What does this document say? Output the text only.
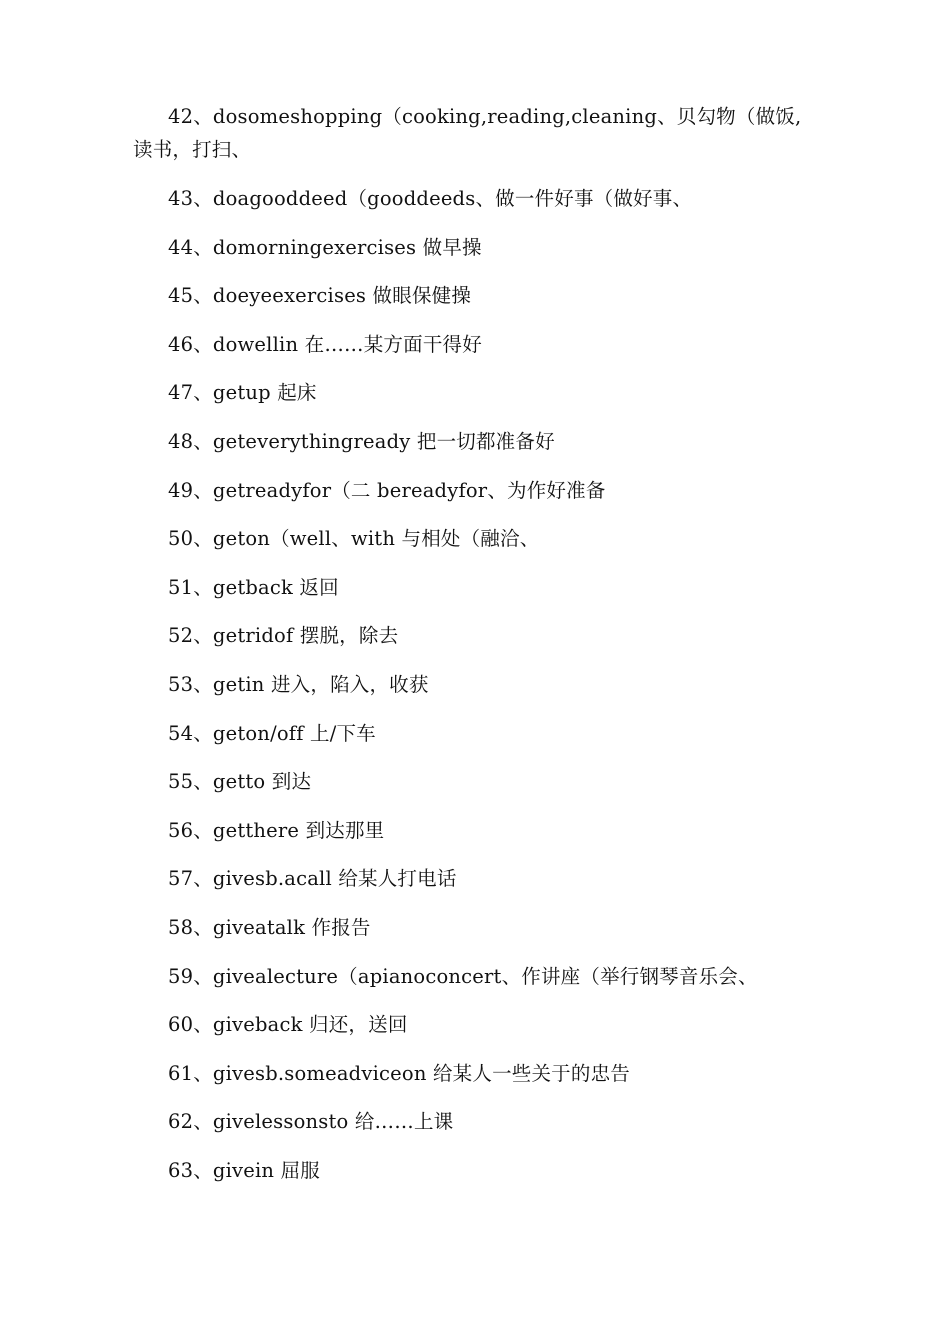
42、dosomeshopping（cooking,reading,cleaning、贝勾物（做饭,读书，打扫、

43、doagooddeed（gooddeeds、做一件好事（做好事、

44、domorningexercises 做早操

45、doeyeexercises 做眼保健操

46、dowellin 在……某方面干得好

47、getup 起床

48、geteverythingready 把一切都准备好

49、getreadyfor（二 bereadyfor、为作好准备

50、geton（well、with 与相处（融洽、

51、getback 返回

52、getridof 摆脱，除去

53、getin 进入，陷入，收获

54、geton/off 上/下车

55、getto 到达

56、getthere 到达那里

57、givesb.acall 给某人打电话

58、giveatalk 作报告

59、givealecture（apianoconcert、作讲座（举行钢琴音乐会、

60、giveback 归还，送回

61、givesb.someadviceon 给某人一些关于的忠告

62、givelessonsto 给……上课

63、givein 屈服
